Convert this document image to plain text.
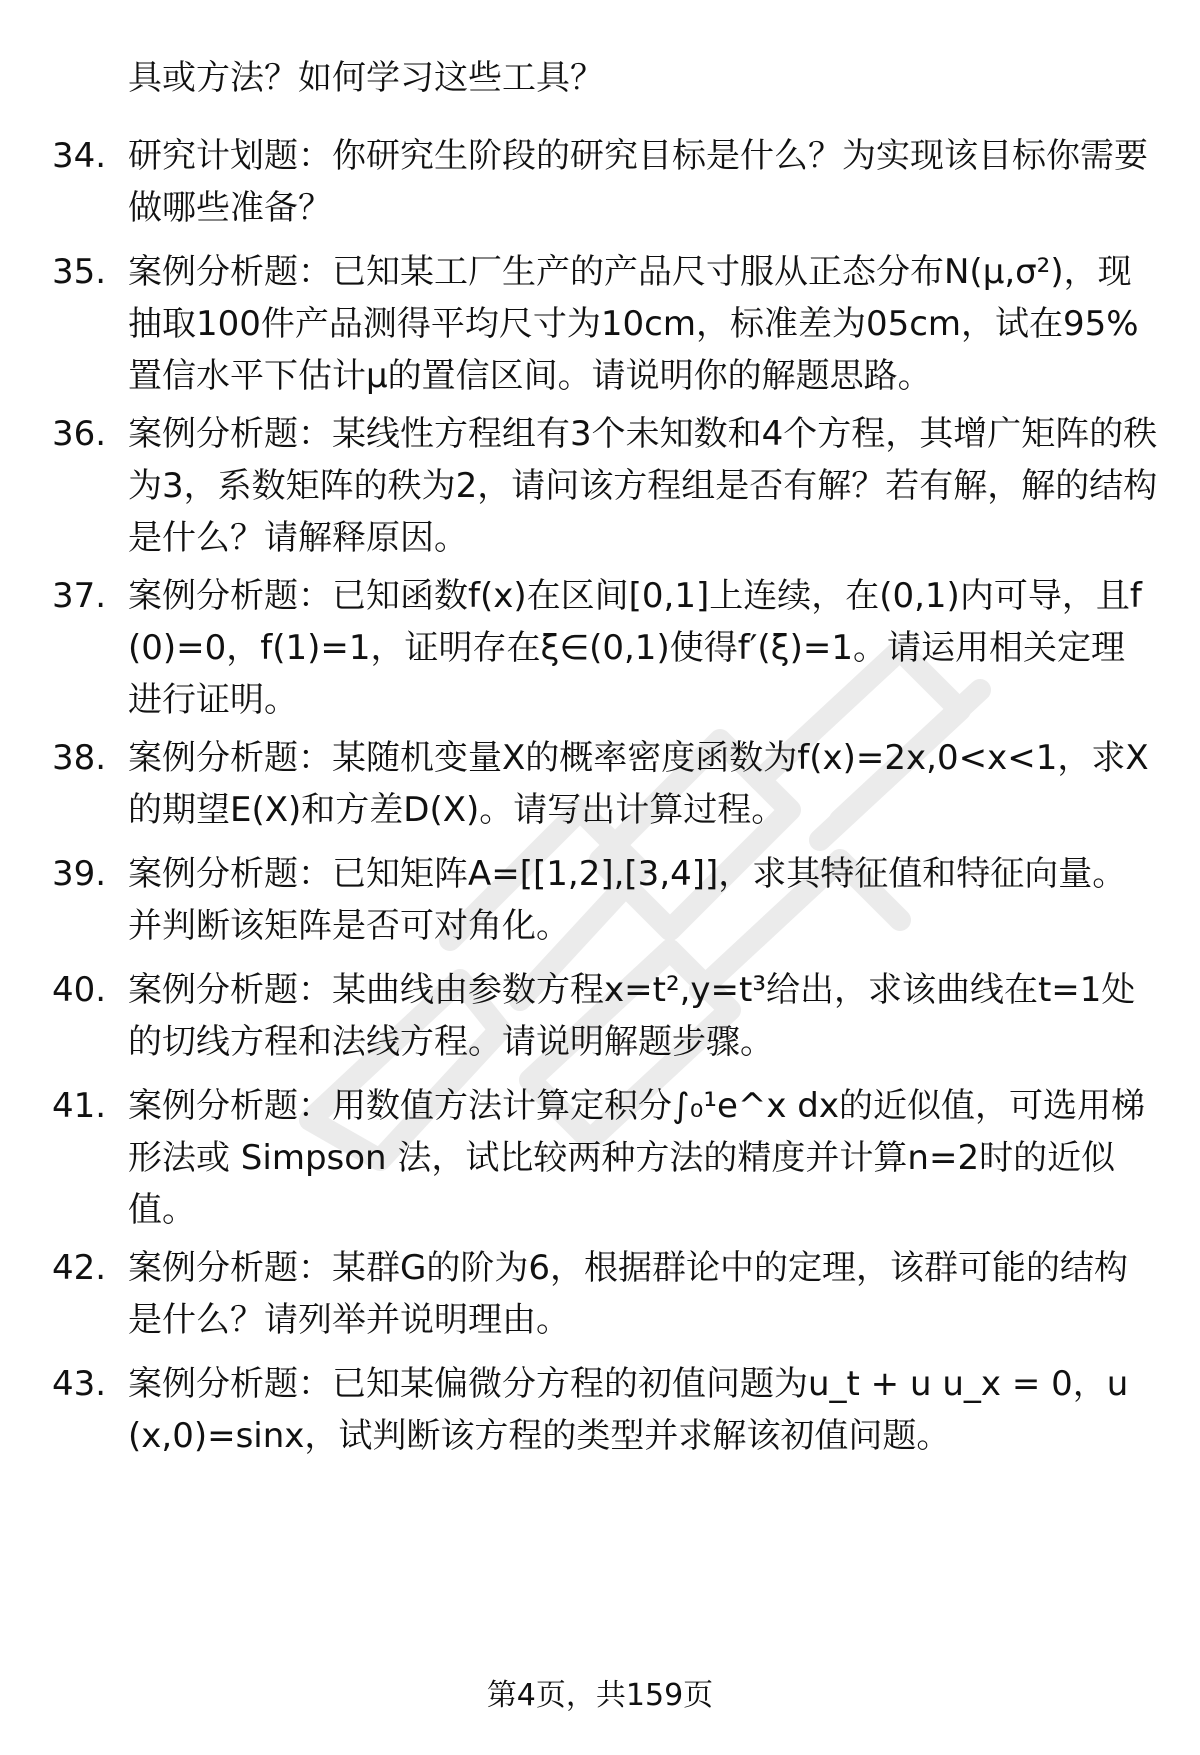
具或方法？如何学习这些工具？
34. 研究计划题：你研究生阶段的研究目标是什么？为实现该目标你需要做哪些准备？
35. 案例分析题：已知某工厂生产的产品尺寸服从正态分布N(μ,σ²)，现抽取100件产品测得平均尺寸为10cm，标准差为05cm，试在95%置信水平下估计μ的置信区间。请说明你的解题思路。
36. 案例分析题：某线性方程组有3个未知数和4个方程，其增广矩阵的秩为3，系数矩阵的秩为2，请问该方程组是否有解？若有解，解的结构是什么？请解释原因。
37. 案例分析题：已知函数f(x)在区间[0,1]上连续，在(0,1)内可导，且f(0)=0，f(1)=1，证明存在ξ∈(0,1)使得f′(ξ)=1。请运用相关定理进行证明。
38. 案例分析题：某随机变量X的概率密度函数为f(x)=2x,0<x<1，求X的期望E(X)和方差D(X)。请写出计算过程。
39. 案例分析题：已知矩阵A=[[1,2],[3,4]]，求其特征值和特征向量。并判断该矩阵是否可对角化。
40. 案例分析题：某曲线由参数方程x=t²,y=t³给出，求该曲线在t=1处的切线方程和法线方程。请说明解题步骤。
41. 案例分析题：用数值方法计算定积分∫₀¹e^x dx的近似值，可选用梯形法或 Simpson 法，试比较两种方法的精度并计算n=2时的近似值。
42. 案例分析题：某群G的阶为6，根据群论中的定理，该群可能的结构是什么？请列举并说明理由。
43. 案例分析题：已知某偏微分方程的初值问题为u_t + u u_x = 0，u(x,0)=sinx，试判断该方程的类型并求解该初值问题。
第4页，共159页
